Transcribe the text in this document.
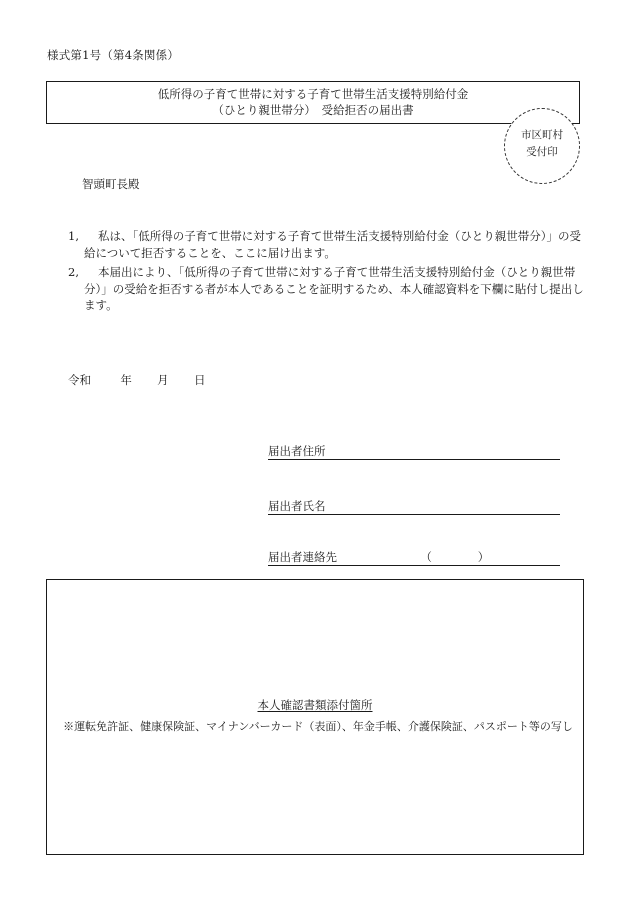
様式第1号（第4条関係）
低所得の子育て世帯に対する子育て世帯生活支援特別給付金
（ひとり親世帯分）　受給拒否の届出書
市区町村
受付印
智頭町長殿
1,	私は、「低所得の子育て世帯に対する子育て世帯生活支援特別給付金（ひとり親世帯分）」の受給について拒否することを、ここに届け出ます。
2,	本届出により、「低所得の子育て世帯に対する子育て世帯生活支援特別給付金（ひとり親世帯分）」の受給を拒否する者が本人であることを証明するため、本人確認資料を下欄に貼付し提出します。
令和	年 月 日
届出者住所
届出者氏名
届出者連絡先	（　　　　）
本人確認書類添付箇所
※運転免許証、健康保険証、マイナンバーカード（表面）、年金手帳、介護保険証、パスポート等の写し
